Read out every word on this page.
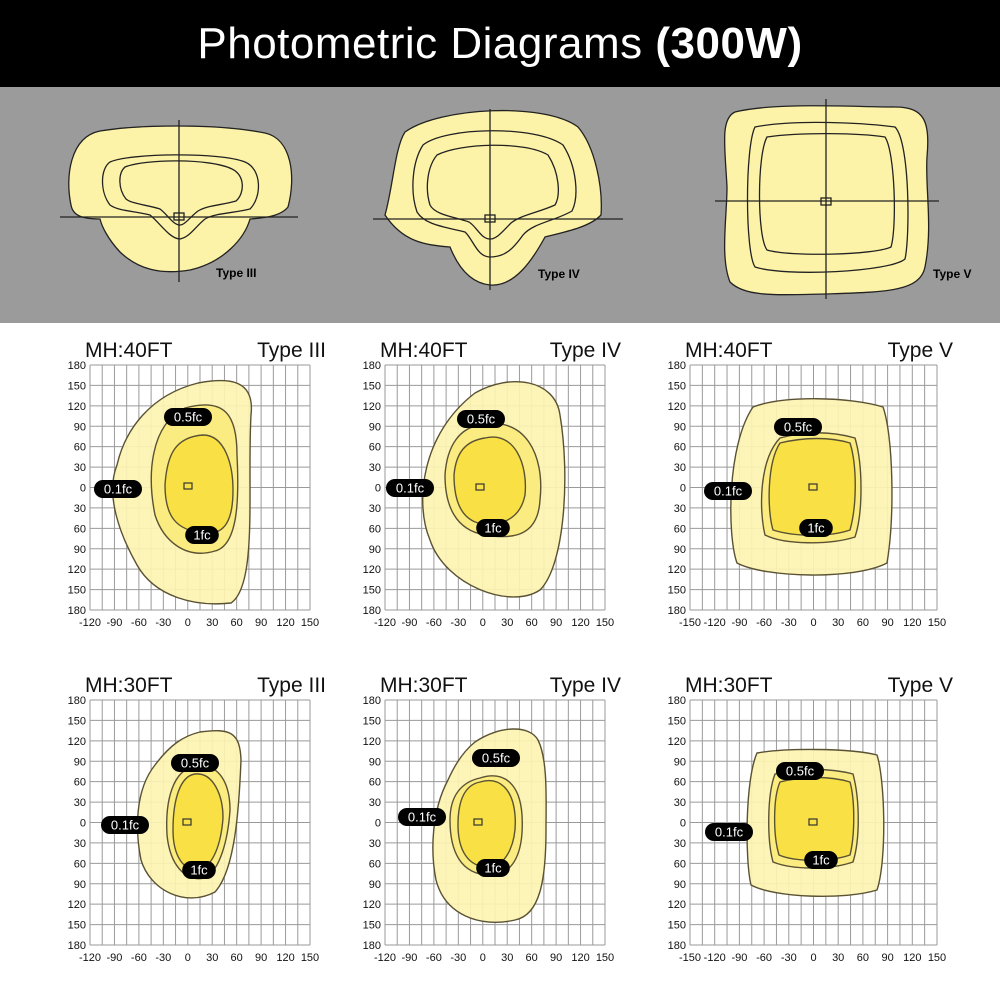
Photometric Diagrams (300W)
Type III	Type IV	Type V
MH:40FT	Type III
-120 -90 -60 -30 0 30 60 90 120 150
180
150
120
90
60
30
0
30
60
90
120
150
180
0.1fc
0.5fc
1fc
MH:40FT	Type IV
-120 -90 -60 -30 0 30 60 90 120 150
180
150
120
90
60
30
0
30
60
90
120
150
180
0.1fc
0.5fc
1fc
MH:40FT	Type V
-150 -120 -90 -60 -30 0 30 60 90 120 150
180
150
120
90
60
30
0
30
60
90
120
150
180
0.1fc
0.5fc
1fc
MH:30FT	Type III
-120 -90 -60 -30 0 30 60 90 120 150
180
150
120
90
60
30
0
30
60
90
120
150
180
0.1fc
0.5fc
1fc
MH:30FT	Type IV
-120 -90 -60 -30 0 30 60 90 120 150
180
150
120
90
60
30
0
30
60
90
120
150
180
0.1fc
0.5fc
1fc
MH:30FT	Type V
-150 -120 -90 -60 -30 0 30 60 90 120 150
180
150
120
90
60
30
0
30
60
90
120
150
180
0.1fc
0.5fc
1fc
